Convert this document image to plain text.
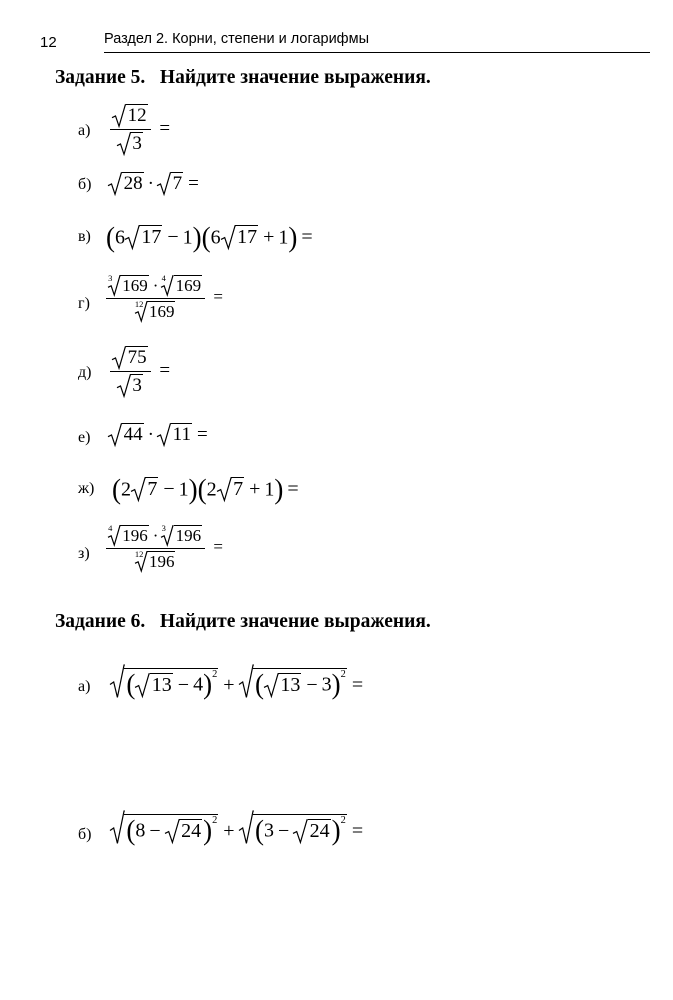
12	Раздел 2. Корни, степени и логарифмы
Задание 5.   Найдите значение выражения.
$а) \frac{12}{3}$ =
б)	28 · 7 =
в) (6 17 − 1)(6 17 + 1) =
$г) \frac{3 169 \cdot 4 169}{12 169}$ =
$д) \frac{75}{3}$ =
е)	44 · 11 =
ж) (2 7 − 1)(2 7 + 1) =
$з) \frac{4 196 \cdot 3 196}{12 196}$ =
Задание 6.   Найдите значение выражения.
а)	( 13 − 4)$^2$ + ( 13 − 3)$^2$ =
б)	$(8 - 24)^2 + (3 - 24)^2$ =
